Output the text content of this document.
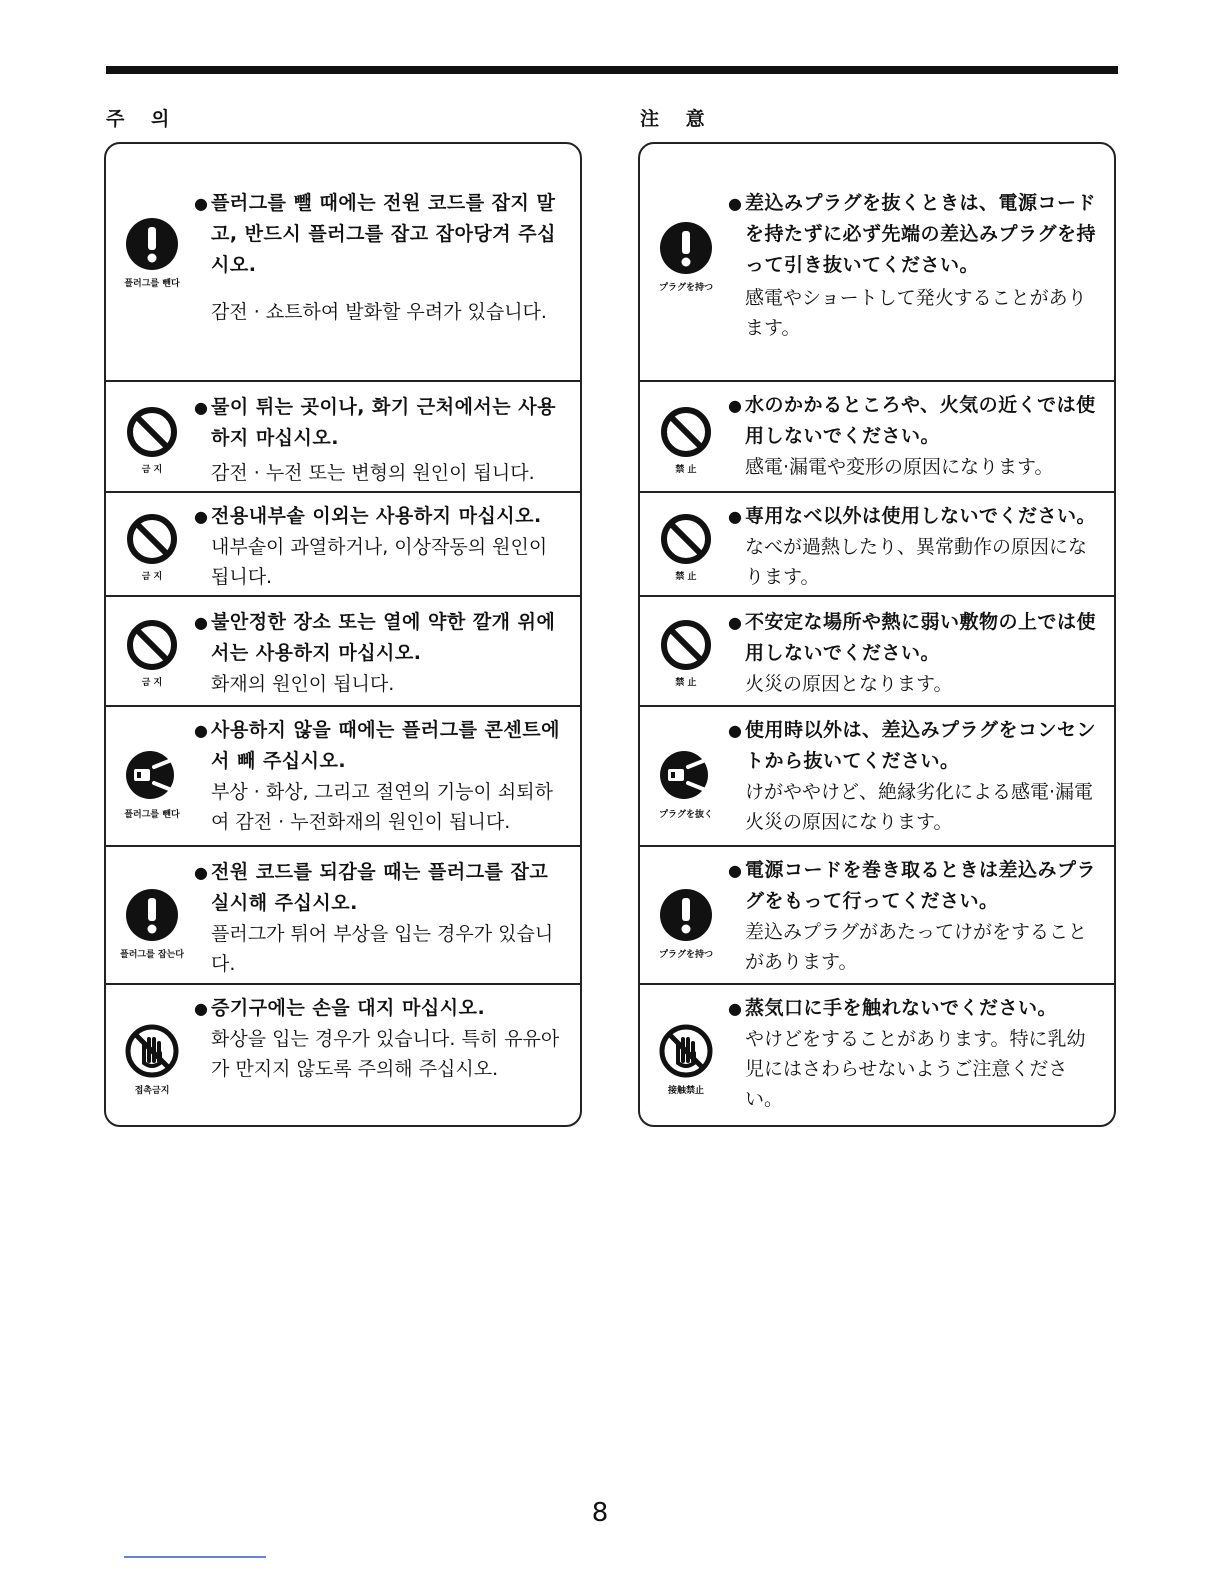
주 의	注 意
플러그를 뺀다
● 플러그를 뺄 때에는 전원 코드를 잡지 말고, 반드시 플러그를 잡고 잡아당겨 주십시오.
감전 · 쇼트하여 발화할 우려가 있습니다.
금 지
● 물이 튀는 곳이나, 화기 근처에서는 사용하지 마십시오.
감전 · 누전 또는 변형의 원인이 됩니다.
금 지
● 전용내부솥 이외는 사용하지 마십시오.
내부솥이 과열하거나, 이상작동의 원인이 됩니다.
금 지
● 불안정한 장소 또는 열에 약한 깔개 위에서는 사용하지 마십시오.
화재의 원인이 됩니다.
플러그를 뺀다
● 사용하지 않을 때에는 플러그를 콘센트에서 빼 주십시오.
부상 · 화상, 그리고 절연의 기능이 쇠퇴하여 감전 · 누전화재의 원인이 됩니다.
플러그를 잡는다
● 전원 코드를 되감을 때는 플러그를 잡고 실시해 주십시오.
플러그가 튀어 부상을 입는 경우가 있습니다.
접촉금지
● 증기구에는 손을 대지 마십시오.
화상을 입는 경우가 있습니다. 특히 유유아가 만지지 않도록 주의해 주십시오.
プラグを持つ
● 差込みプラグを抜くときは、電源コードを持たずに必ず先端の差込みプラグを持って引き抜いてください。
感電やショートして発火することがあります。
禁 止
● 水のかかるところや、火気の近くでは使用しないでください。
感電·漏電や変形の原因になります。
禁 止
● 専用なべ以外は使用しないでください。
なべが過熱したり、異常動作の原因になります。
禁 止
● 不安定な場所や熱に弱い敷物の上では使用しないでください。
火災の原因となります。
プラグを抜く
● 使用時以外は、差込みプラグをコンセントから抜いてください。
けがややけど、絶縁劣化による感電·漏電火災の原因になります。
プラグを持つ
● 電源コードを巻き取るときは差込みプラグをもって行ってください。
差込みプラグがあたってけがをすることがあります。
接触禁止
● 蒸気口に手を触れないでください。
やけどをすることがあります。特に乳幼児にはさわらせないようご注意ください。
8
